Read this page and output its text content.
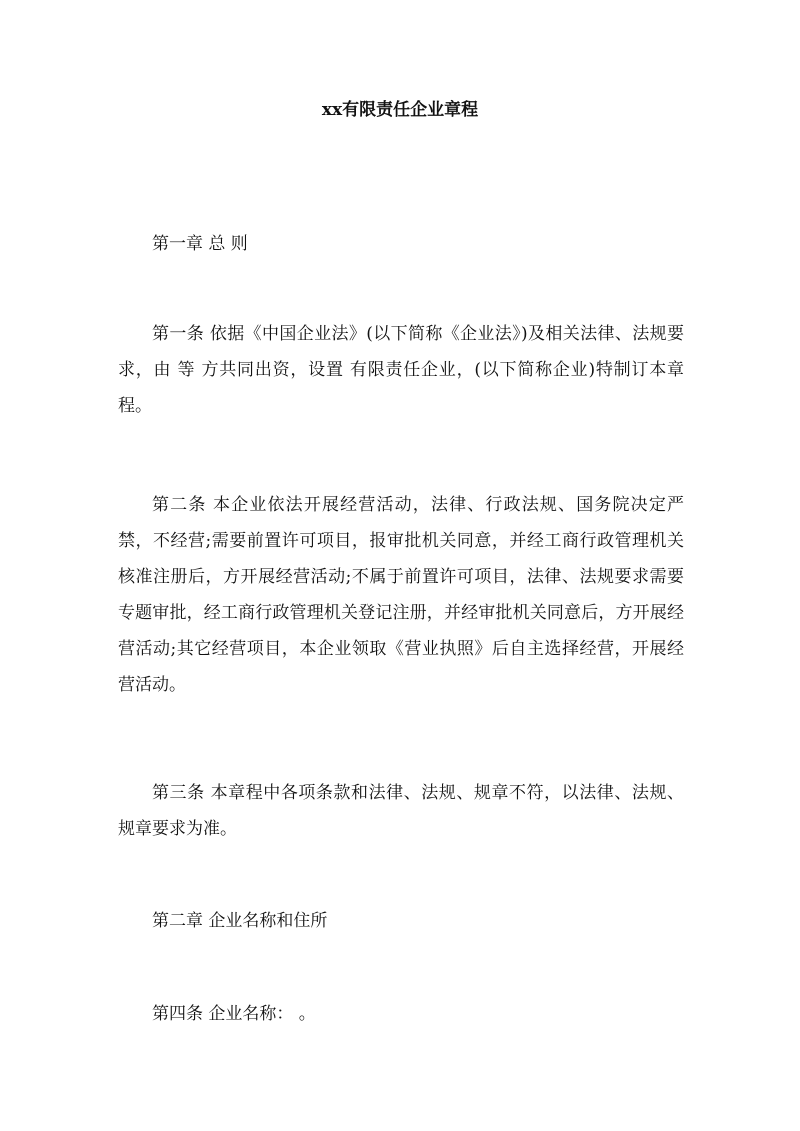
xx有限责任企业章程

第一章 总 则

第一条 依据《中国企业法》(以下简称《企业法》)及相关法律、法规要求，由 等 方共同出资，设置 有限责任企业，(以下简称企业)特制订本章程。

第二条 本企业依法开展经营活动，法律、行政法规、国务院决定严禁，不经营;需要前置许可项目，报审批机关同意，并经工商行政管理机关核准注册后，方开展经营活动;不属于前置许可项目，法律、法规要求需要专题审批，经工商行政管理机关登记注册，并经审批机关同意后，方开展经营活动;其它经营项目，本企业领取《营业执照》后自主选择经营，开展经营活动。

第三条 本章程中各项条款和法律、法规、规章不符，以法律、法规、规章要求为准。

第二章 企业名称和住所

第四条 企业名称： 。
